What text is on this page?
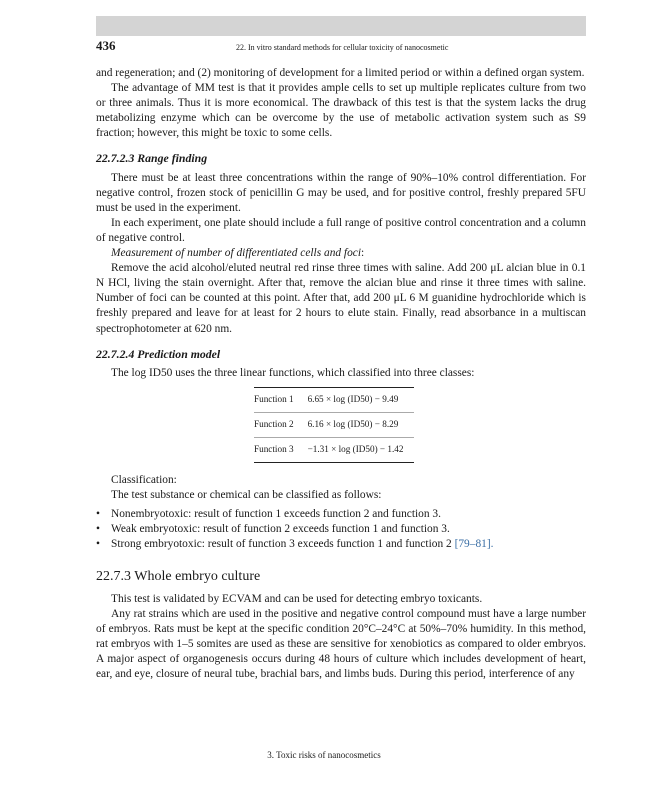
436	22. In vitro standard methods for cellular toxicity of nanocosmetic

and regeneration; and (2) monitoring of development for a limited period or within a defined organ system.

The advantage of MM test is that it provides ample cells to set up multiple replicates culture from two or three animals. Thus it is more economical. The drawback of this test is that the system lacks the drug metabolizing enzyme which can be overcome by the use of metabolic activation system such as S9 fraction; however, this might be toxic to some cells.

22.7.2.3 Range finding

There must be at least three concentrations within the range of 90%–10% control differentiation. For negative control, frozen stock of penicillin G may be used, and for positive control, freshly prepared 5FU must be used in the experiment.

In each experiment, one plate should include a full range of positive control concentration and a column of negative control.

Measurement of number of differentiated cells and foci:

Remove the acid alcohol/eluted neutral red rinse three times with saline. Add 200 μL alcian blue in 0.1 N HCl, living the stain overnight. After that, remove the alcian blue and rinse it three times with saline. Number of foci can be counted at this point. After that, add 200 μL 6 M guanidine hydrochloride which is freshly prepared and leave for at least for 2 hours to elute stain. Finally, read absorbance in a multiscan spectrophotometer at 620 nm.

22.7.2.4 Prediction model

The log ID50 uses the three linear functions, which classified into three classes:

Function 1	6.65 × log (ID50) − 9.49
Function 2	6.16 × log (ID50) − 8.29
Function 3	−1.31 × log (ID50) − 1.42

Classification:

The test substance or chemical can be classified as follows:

• Nonembryotoxic: result of function 1 exceeds function 2 and function 3.
• Weak embryotoxic: result of function 2 exceeds function 1 and function 3.
• Strong embryotoxic: result of function 3 exceeds function 1 and function 2 [79–81].
22.7.3 Whole embryo culture

This test is validated by ECVAM and can be used for detecting embryo toxicants.

Any rat strains which are used in the positive and negative control compound must have a large number of embryos. Rats must be kept at the specific condition 20°C–24°C at 50%–70% humidity. In this method, rat embryos with 1–5 somites are used as these are sensitive for xenobiotics as compared to older embryos. A major aspect of organogenesis occurs during 48 hours of culture which includes development of heart, ear, and eye, closure of neural tube, brachial bars, and limbs buds. During this period, interference of any

3. Toxic risks of nanocosmetics
